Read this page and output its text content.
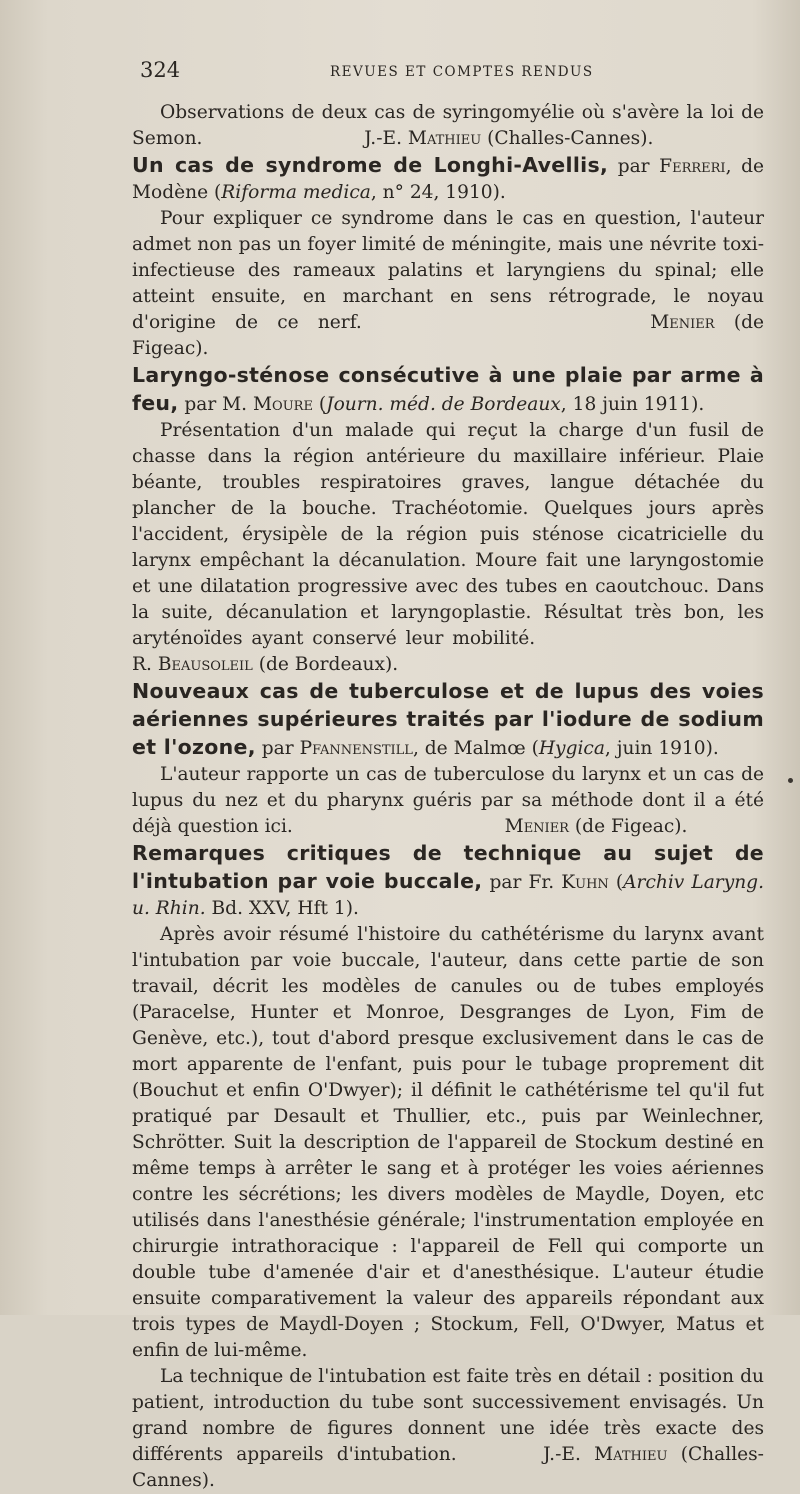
324	REVUES ET COMPTES RENDUS

Observations de deux cas de syringomyélie où s'avère la loi de Semon.	J.-E. Mathieu (Challes-Cannes).

Un cas de syndrome de Longhi-Avellis, par Ferreri, de Modène (Riforma medica, n° 24, 1910).

Pour expliquer ce syndrome dans le cas en question, l'auteur admet non pas un foyer limité de méningite, mais une névrite toxi-infectieuse des rameaux palatins et laryngiens du spinal; elle atteint ensuite, en marchant en sens rétrograde, le noyau d'origine de ce nerf.	Menier (de Figeac).

Laryngo-sténose consécutive à une plaie par arme à feu, par M. Moure (Journ. méd. de Bordeaux, 18 juin 1911).

Présentation d'un malade qui reçut la charge d'un fusil de chasse dans la région antérieure du maxillaire inférieur. Plaie béante, troubles respiratoires graves, langue détachée du plancher de la bouche. Trachéotomie. Quelques jours après l'accident, érysipèle de la région puis sténose cicatricielle du larynx empêchant la décanulation. Moure fait une laryngostomie et une dilatation progressive avec des tubes en caoutchouc. Dans la suite, décanulation et laryngoplastie. Résultat très bon, les aryténoïdes ayant conservé leur mobilité.  R. Beausoleil (de Bordeaux).

Nouveaux cas de tuberculose et de lupus des voies aériennes supérieures traités par l'iodure de sodium et l'ozone, par Pfannenstill, de Malmœ (Hygica, juin 1910).

L'auteur rapporte un cas de tuberculose du larynx et un cas de lupus du nez et du pharynx guéris par sa méthode dont il a été déjà question ici.	Menier (de Figeac).

Remarques critiques de technique au sujet de l'intubation par voie buccale, par Fr. Kuhn (Archiv Laryng. u. Rhin. Bd. XXV, Hft 1).

Après avoir résumé l'histoire du cathétérisme du larynx avant l'intubation par voie buccale, l'auteur, dans cette partie de son travail, décrit les modèles de canules ou de tubes employés (Paracelse, Hunter et Monroe, Desgranges de Lyon, Fim de Genève, etc.), tout d'abord presque exclusivement dans le cas de mort apparente de l'enfant, puis pour le tubage proprement dit (Bouchut et enfin O'Dwyer); il définit le cathétérisme tel qu'il fut pratiqué par Desault et Thullier, etc., puis par Weinlechner, Schrötter. Suit la description de l'appareil de Stockum destiné en même temps à arrêter le sang et à protéger les voies aériennes contre les sécrétions; les divers modèles de Maydle, Doyen, etc utilisés dans l'anesthésie générale; l'instrumentation employée en chirurgie intrathoracique : l'appareil de Fell qui comporte un double tube d'amenée d'air et d'anesthésique. L'auteur étudie ensuite comparativement la valeur des appareils répondant aux trois types de Maydl-Doyen ; Stockum, Fell, O'Dwyer, Matus et enfin de lui-même.

La technique de l'intubation est faite très en détail : position du patient, introduction du tube sont successivement envisagés. Un grand nombre de figures donnent une idée très exacte des différents appareils d'intubation.	J.-E. Mathieu (Challes-Cannes).
